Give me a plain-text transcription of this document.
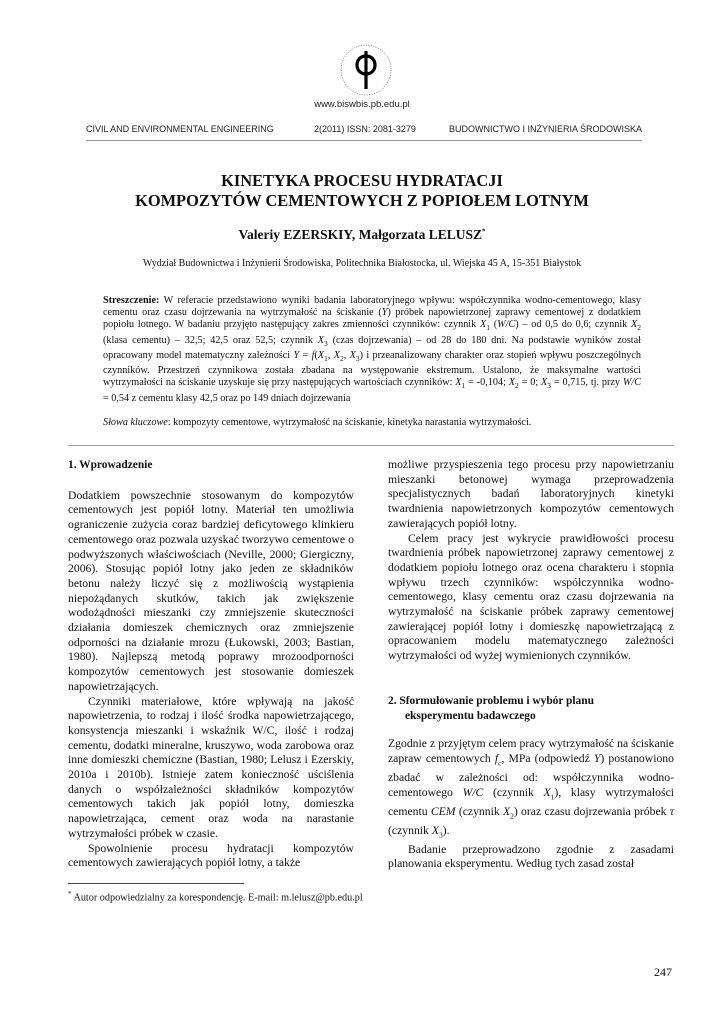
www.biswbis.pb.edu.pl
CIVIL AND ENVIRONMENTAL ENGINEERING	2(2011) ISSN: 2081-3279	BUDOWNICTWO I INŻYNIERIA ŚRODOWISKA
KINETYKA PROCESU HYDRATACJI
KOMPOZYTÓW CEMENTOWYCH Z POPIOŁEM LOTNYM
Valeriy EZERSKIY, Małgorzata LELUSZ*
Wydział Budownictwa i Inżynierii Środowiska, Politechnika Białostocka, ul. Wiejska 45 A, 15-351 Białystok
Streszczenie: W referacie przedstawiono wyniki badania laboratoryjnego wpływu: współczynnika wodno-cementowego, klasy cementu oraz czasu dojrzewania na wytrzymałość na ściskanie (Y) próbek napowietrzonej zaprawy cementowej z dodatkiem popiołu lotnego. W badaniu przyjęto następujący zakres zmienności czynników: czynnik $X_1$ (W/C) – od 0,5 do 0,6; czynnik $X_2$ (klasa cementu) – 32,5; 42,5 oraz 52,5; czynnik $X_3$ (czas dojrzewania) – od 28 do 180 dni. Na podstawie wyników został opracowany model matematyczny zależności $Y = f(X_1$, $X_2$, $X_3$) i przeanalizowany charakter oraz stopień wpływu poszczególnych czynników. Przestrzeń czynnikowa została zbadana na występowanie ekstremum. Ustalono, że maksymalne wartości wytrzymałości na ściskanie uzyskuje się przy następujących wartościach czynników: $X_1 = -0,104$; $X_2 = 0$; $X_3 = 0,715$, tj. przy W/C = 0,54 z cementu klasy 42,5 oraz po 149 dniach dojrzewania
Słowa kluczowe: kompozyty cementowe, wytrzymałość na ściskanie, kinetyka narastania wytrzymałości.
1. Wprowadzenie

Dodatkiem powszechnie stosowanym do kompozytów cementowych jest popiół lotny. Materiał ten umożliwia ograniczenie zużycia coraz bardziej deficytowego klinkieru cementowego oraz pozwala uzyskać tworzywo cementowe o podwyższonych właściwościach (Neville, 2000; Giergiczny, 2006). Stosując popiół lotny jako jeden ze składników betonu należy liczyć się z możliwością wystąpienia niepożądanych skutków, takich jak zwiększenie wodożądności mieszanki czy zmniejszenie skuteczności działania domieszek chemicznych oraz zmniejszenie odporności na działanie mrozu (Łukowski, 2003; Bastian, 1980). Najlepszą metodą poprawy mrozoodporności kompozytów cementowych jest stosowanie domieszek napowietrzających.

Czynniki materiałowe, które wpływają na jakość napowietrzenia, to rodzaj i ilość środka napowietrzającego, konsystencja mieszanki i wskaźnik W/C, ilość i rodzaj cementu, dodatki mineralne, kruszywo, woda zarobowa oraz inne domieszki chemiczne (Bastian, 1980; Lelusz i Ezerskiy, 2010a i 2010b). Istnieje zatem konieczność uściślenia danych o współzależności składników kompozytów cementowych takich jak popiół lotny, domieszka napowietrzająca, cement oraz woda na narastanie wytrzymałości próbek w czasie.

Spowolnienie procesu hydratacji kompozytów cementowych zawierających popiół lotny, a także

możliwe przyspieszenia tego procesu przy napowietrzaniu mieszanki betonowej wymaga przeprowadzenia specjalistycznych badań laboratoryjnych kinetyki twardnienia napowietrzonych kompozytów cementowych zawierających popiół lotny.

Celem pracy jest wykrycie prawidłowości procesu twardnienia próbek napowietrzonej zaprawy cementowej z dodatkiem popiołu lotnego oraz ocena charakteru i stopnia wpływu trzech czynników: współczynnika wodno-cementowego, klasy cementu oraz czasu dojrzewania na wytrzymałość na ściskanie próbek zaprawy cementowej zawierającej popiół lotny i domieszkę napowietrzającą z opracowaniem modelu matematycznego zależności wytrzymałości od wyżej wymienionych czynników.

2. Sformułowanie problemu i wybór planu
eksperymentu badawczego

Zgodnie z przyjętym celem pracy wytrzymałość na ściskanie zapraw cementowych $f_c$, MPa (odpowiedź Y) postanowiono zbadać w zależności od: współczynnika wodno-cementowego W/C (czynnik $X_1$), klasy wytrzymałości cementu CEM (czynnik $X_2$) oraz czasu dojrzewania próbek τ (czynnik $X_3$).

Badanie przeprowadzono zgodnie z zasadami planowania eksperymentu. Według tych zasad został

* Autor odpowiedzialny za korespondencję. E-mail: m.lelusz@pb.edu.pl
247
